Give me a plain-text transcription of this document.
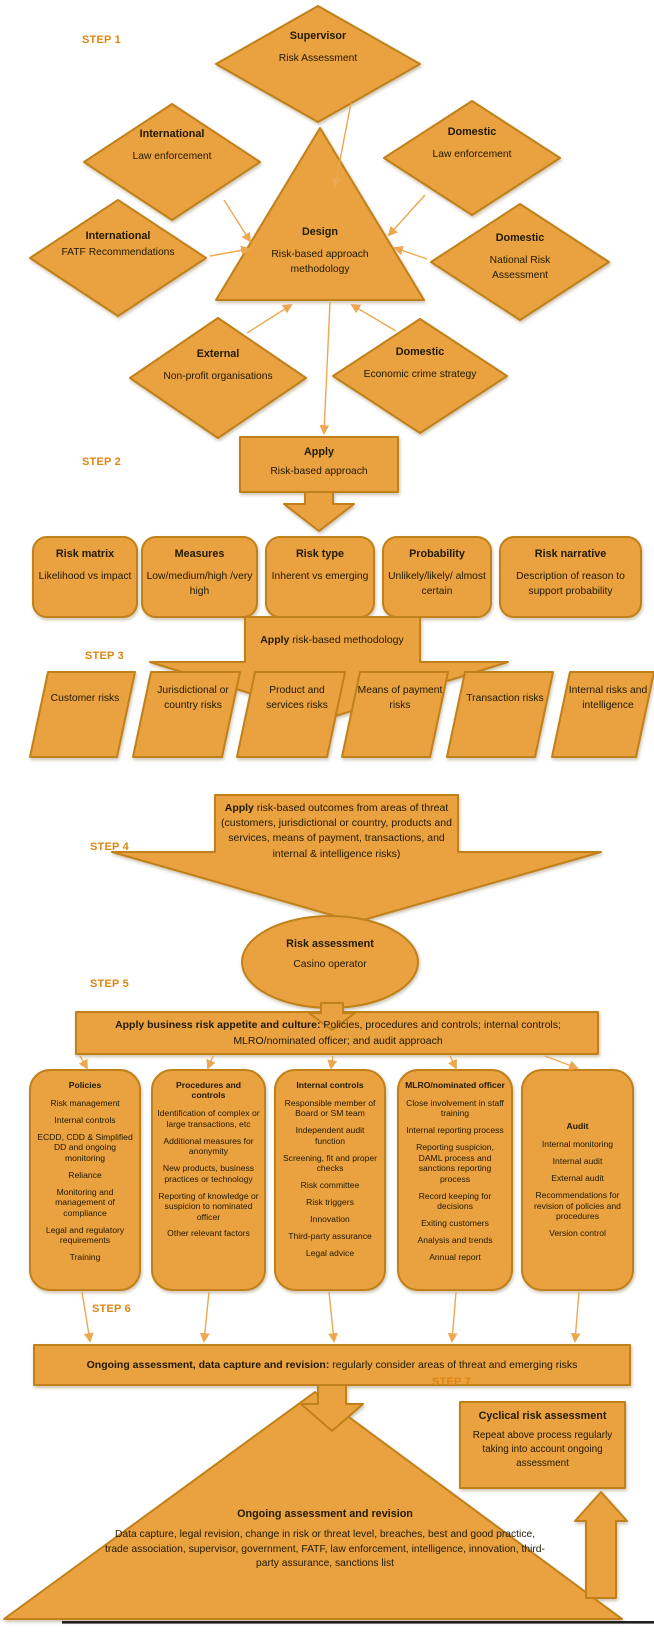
STEP 1
STEP 2
STEP 3
STEP 4
STEP 5
STEP 6
STEP 7
Supervisor
Risk Assessment
International
Law enforcement
Domestic
Law enforcement
International
FATF Recommendations
Domestic
National Risk Assessment
External
Non-profit organisations
Domestic
Economic crime strategy
Design
Risk-based approach methodology
Apply
Risk-based approach
Risk matrix
Likelihood vs impact
Measures
Low/medium/high /very high
Risk type
Inherent vs emerging
Probability
Unlikely/likely/ almost certain
Risk narrative
Description of reason to support probability
Apply risk-based methodology
Customer risks
Jurisdictional or country risks
Product and services risks
Means of payment risks
Transaction risks
Internal risks and intelligence
Apply risk-based outcomes from areas of threat (customers, jurisdictional or country, products and services, means of payment, transactions, and internal & intelligence risks)
Risk assessment
Casino operator
Apply business risk appetite and culture: Policies, procedures and controls; internal controls; MLRO/nominated officer; and audit approach
Policies
Risk management
Internal controls
ECDD, CDD & Simplified DD and ongoing monitoring
Reliance
Monitoring and management of compliance
Legal and regulatory requirements
Training
Procedures and controls
Identification of complex or large transactions, etc
Additional measures for anonymity
New products, business practices or technology
Reporting of knowledge or suspicion to nominated officer
Other relevant factors
Internal controls
Responsible member of Board or SM team
Independent audit function
Screening, fit and proper checks
Risk committee
Risk triggers
Innovation
Third-party assurance
Legal advice
MLRO/nominated officer
Close involvement in staff training
Internal reporting process
Reporting suspicion, DAML process and sanctions reporting process
Record keeping for decisions
Exiting customers
Analysis and trends
Annual report
Audit
Internal monitoring
Internal audit
External audit
Recommendations for revision of policies and procedures
Version control
Ongoing assessment, data capture and revision: regularly consider areas of threat and emerging risks
Cyclical risk assessment
Repeat above process regularly taking into account ongoing assessment
Ongoing assessment and revision
Data capture, legal revision, change in risk or threat level, breaches, best and good practice, trade association, supervisor, government, FATF, law enforcement, intelligence, innovation, third-party assurance, sanctions list
